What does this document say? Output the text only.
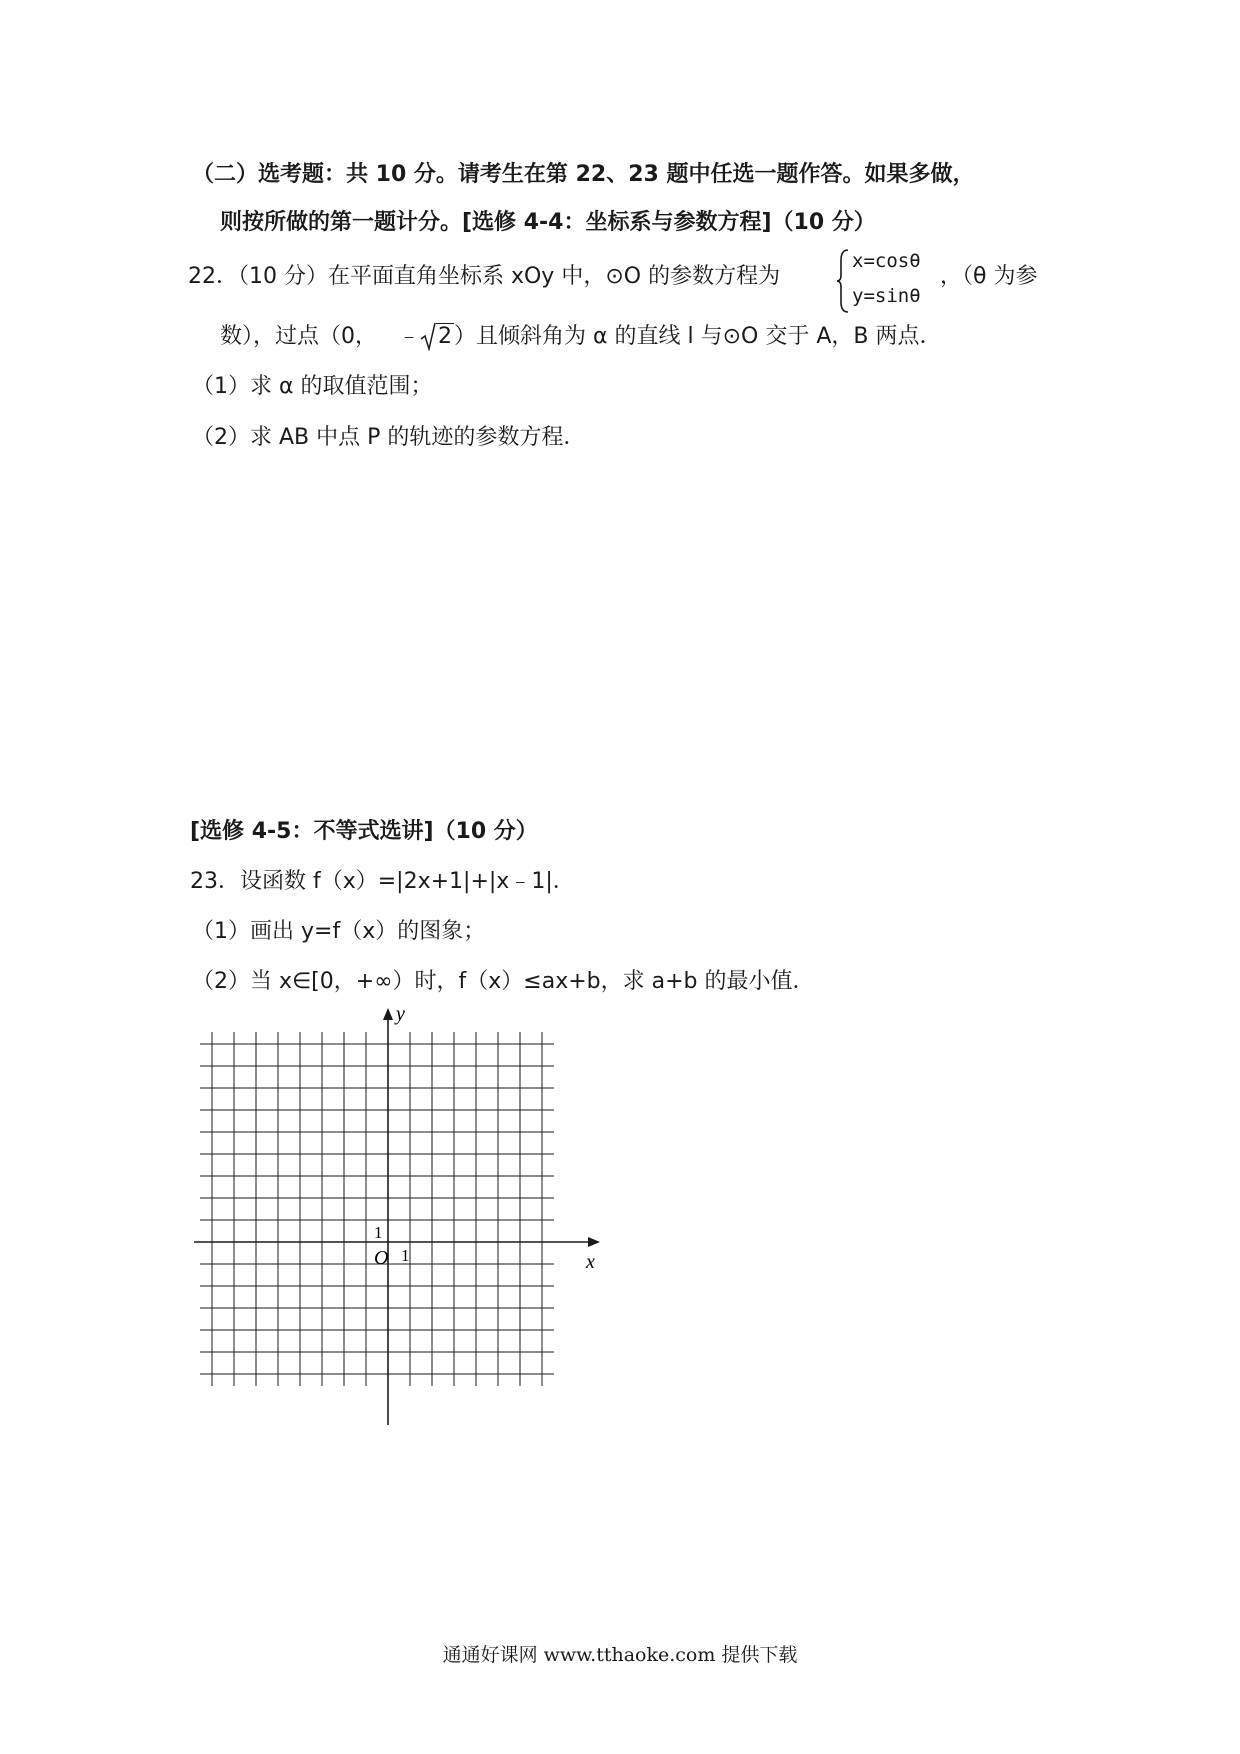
（二）选考题：共 10 分。请考生在第 22、23 题中任选一题作答。如果多做，
则按所做的第一题计分。[选修 4-4：坐标系与参数方程]（10 分）
22．（10 分）在平面直角坐标系 xOy 中，⊙O 的参数方程为
x=cosθ
y=sinθ
，（θ 为参
数），过点（0， ﹣ 2）且倾斜角为 α 的直线 l 与⊙O 交于 A，B 两点．
（1）求 α 的取值范围；
（2）求 AB 中点 P 的轨迹的参数方程．
[选修 4-5：不等式选讲]（10 分）
23．设函数 f（x）=|2x+1|+|x﹣1|．
（1）画出 y=f（x）的图象；
（2）当 x∈[0，+∞）时，f（x）≤ax+b，求 a+b 的最小值．
y
x
O 1
1
通通好课网 www.tthaoke.com 提供下载
